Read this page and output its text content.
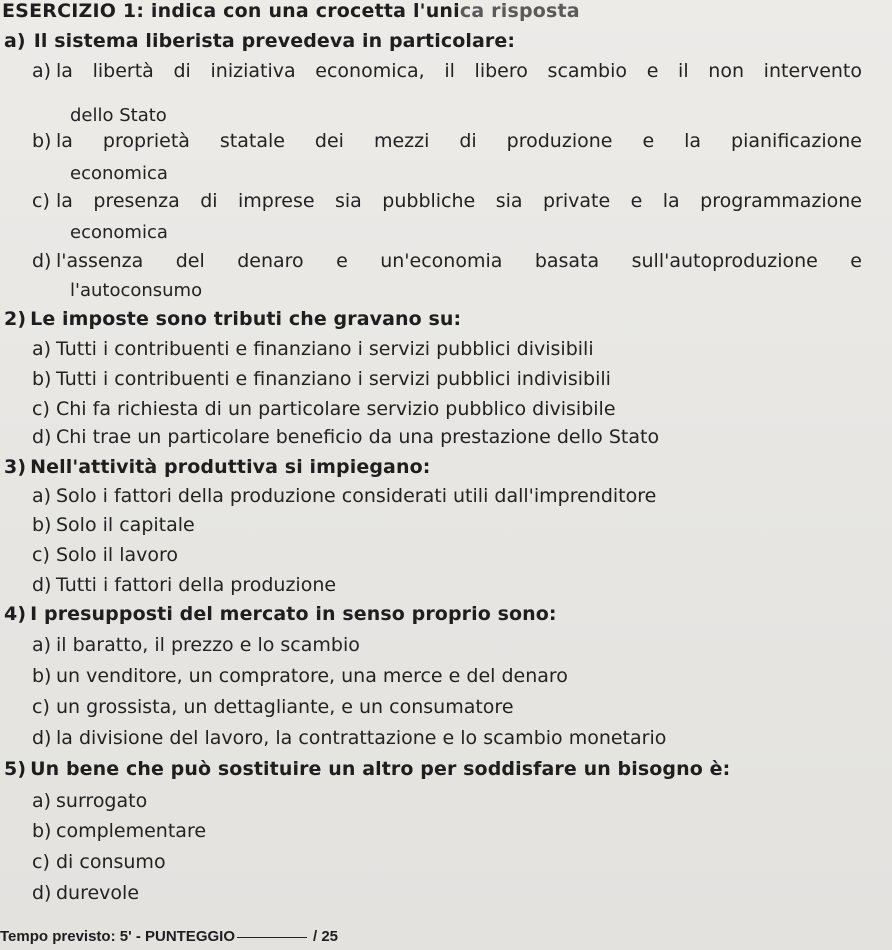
ESERCIZIO 1: indica con una crocetta l'unica risposta
a) Il sistema liberista prevedeva in particolare:
a) la libertà di iniziativa economica, il libero scambio e il non intervento
dello Stato
b) la proprietà statale dei mezzi di produzione e la pianificazione
economica
c) la presenza di imprese sia pubbliche sia private e la programmazione
economica
d) l'assenza del denaro e un'economia basata sull'autoproduzione e
l'autoconsumo
2) Le imposte sono tributi che gravano su:
a) Tutti i contribuenti e finanziano i servizi pubblici divisibili
b) Tutti i contribuenti e finanziano i servizi pubblici indivisibili
c) Chi fa richiesta di un particolare servizio pubblico divisibile
d) Chi trae un particolare beneficio da una prestazione dello Stato
3) Nell'attività produttiva si impiegano:
a) Solo i fattori della produzione considerati utili dall'imprenditore
b) Solo il capitale
c) Solo il lavoro
d) Tutti i fattori della produzione
4) I presupposti del mercato in senso proprio sono:
a) il baratto, il prezzo e lo scambio
b) un venditore, un compratore, una merce e del denaro
c) un grossista, un dettagliante, e un consumatore
d) la divisione del lavoro, la contrattazione e lo scambio monetario
5) Un bene che può sostituire un altro per soddisfare un bisogno è:
a) surrogato
b) complementare
c) di consumo
d) durevole
Tempo previsto: 5' - PUNTEGGIO	/ 25
